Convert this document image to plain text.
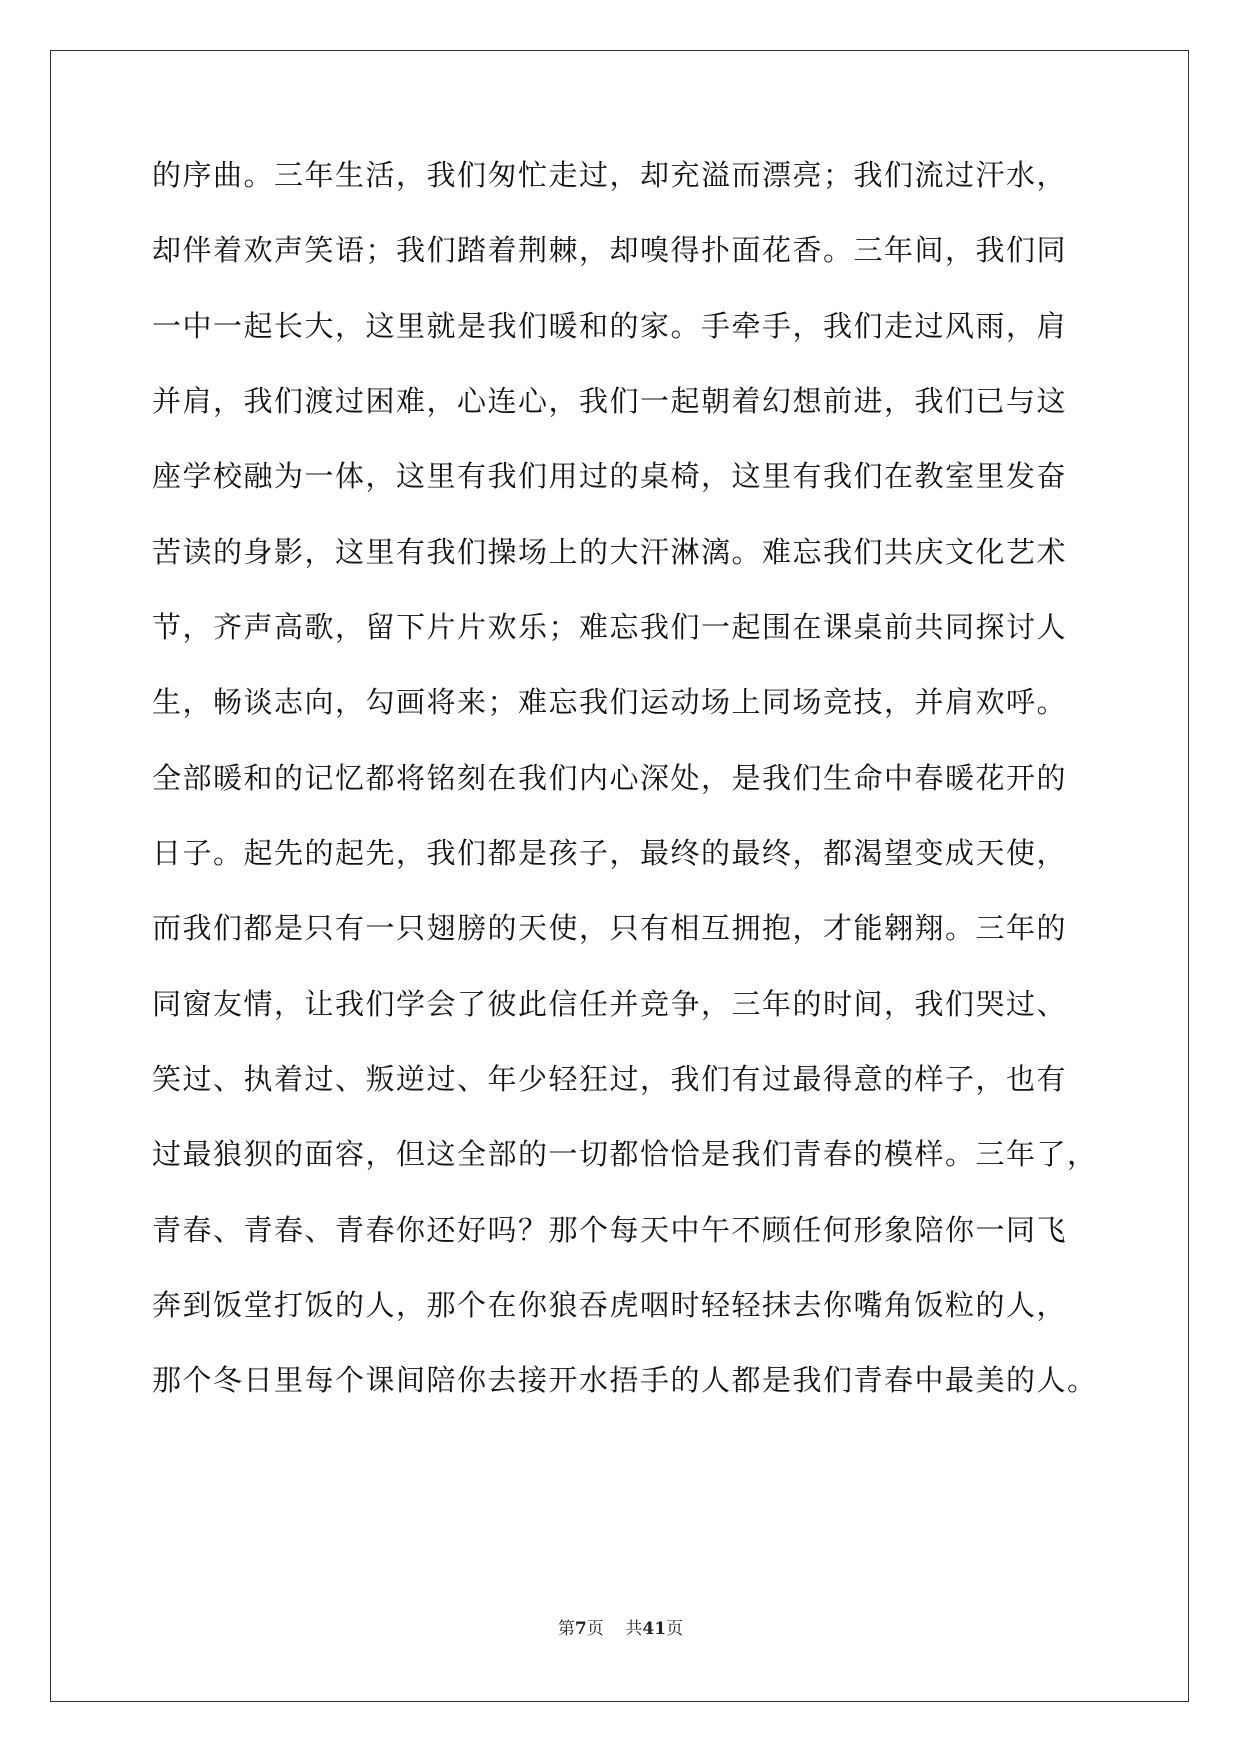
的序曲。三年生活，我们匆忙走过，却充溢而漂亮；我们流过汗水，
却伴着欢声笑语；我们踏着荆棘，却嗅得扑面花香。三年间，我们同
一中一起长大，这里就是我们暖和的家。手牵手，我们走过风雨，肩
并肩，我们渡过困难，心连心，我们一起朝着幻想前进，我们已与这
座学校融为一体，这里有我们用过的桌椅，这里有我们在教室里发奋
苦读的身影，这里有我们操场上的大汗淋漓。难忘我们共庆文化艺术
节，齐声高歌，留下片片欢乐；难忘我们一起围在课桌前共同探讨人
生，畅谈志向，勾画将来；难忘我们运动场上同场竞技，并肩欢呼。
全部暖和的记忆都将铭刻在我们内心深处，是我们生命中春暖花开的
日子。起先的起先，我们都是孩子，最终的最终，都渴望变成天使，
而我们都是只有一只翅膀的天使，只有相互拥抱，才能翱翔。三年的
同窗友情，让我们学会了彼此信任并竞争，三年的时间，我们哭过、
笑过、执着过、叛逆过、年少轻狂过，我们有过最得意的样子，也有
过最狼狈的面容，但这全部的一切都恰恰是我们青春的模样。三年了，
青春、青春、青春你还好吗？那个每天中午不顾任何形象陪你一同飞
奔到饭堂打饭的人，那个在你狼吞虎咽时轻轻抹去你嘴角饭粒的人，
那个冬日里每个课间陪你去接开水捂手的人都是我们青春中最美的人。
第7页 共41页
